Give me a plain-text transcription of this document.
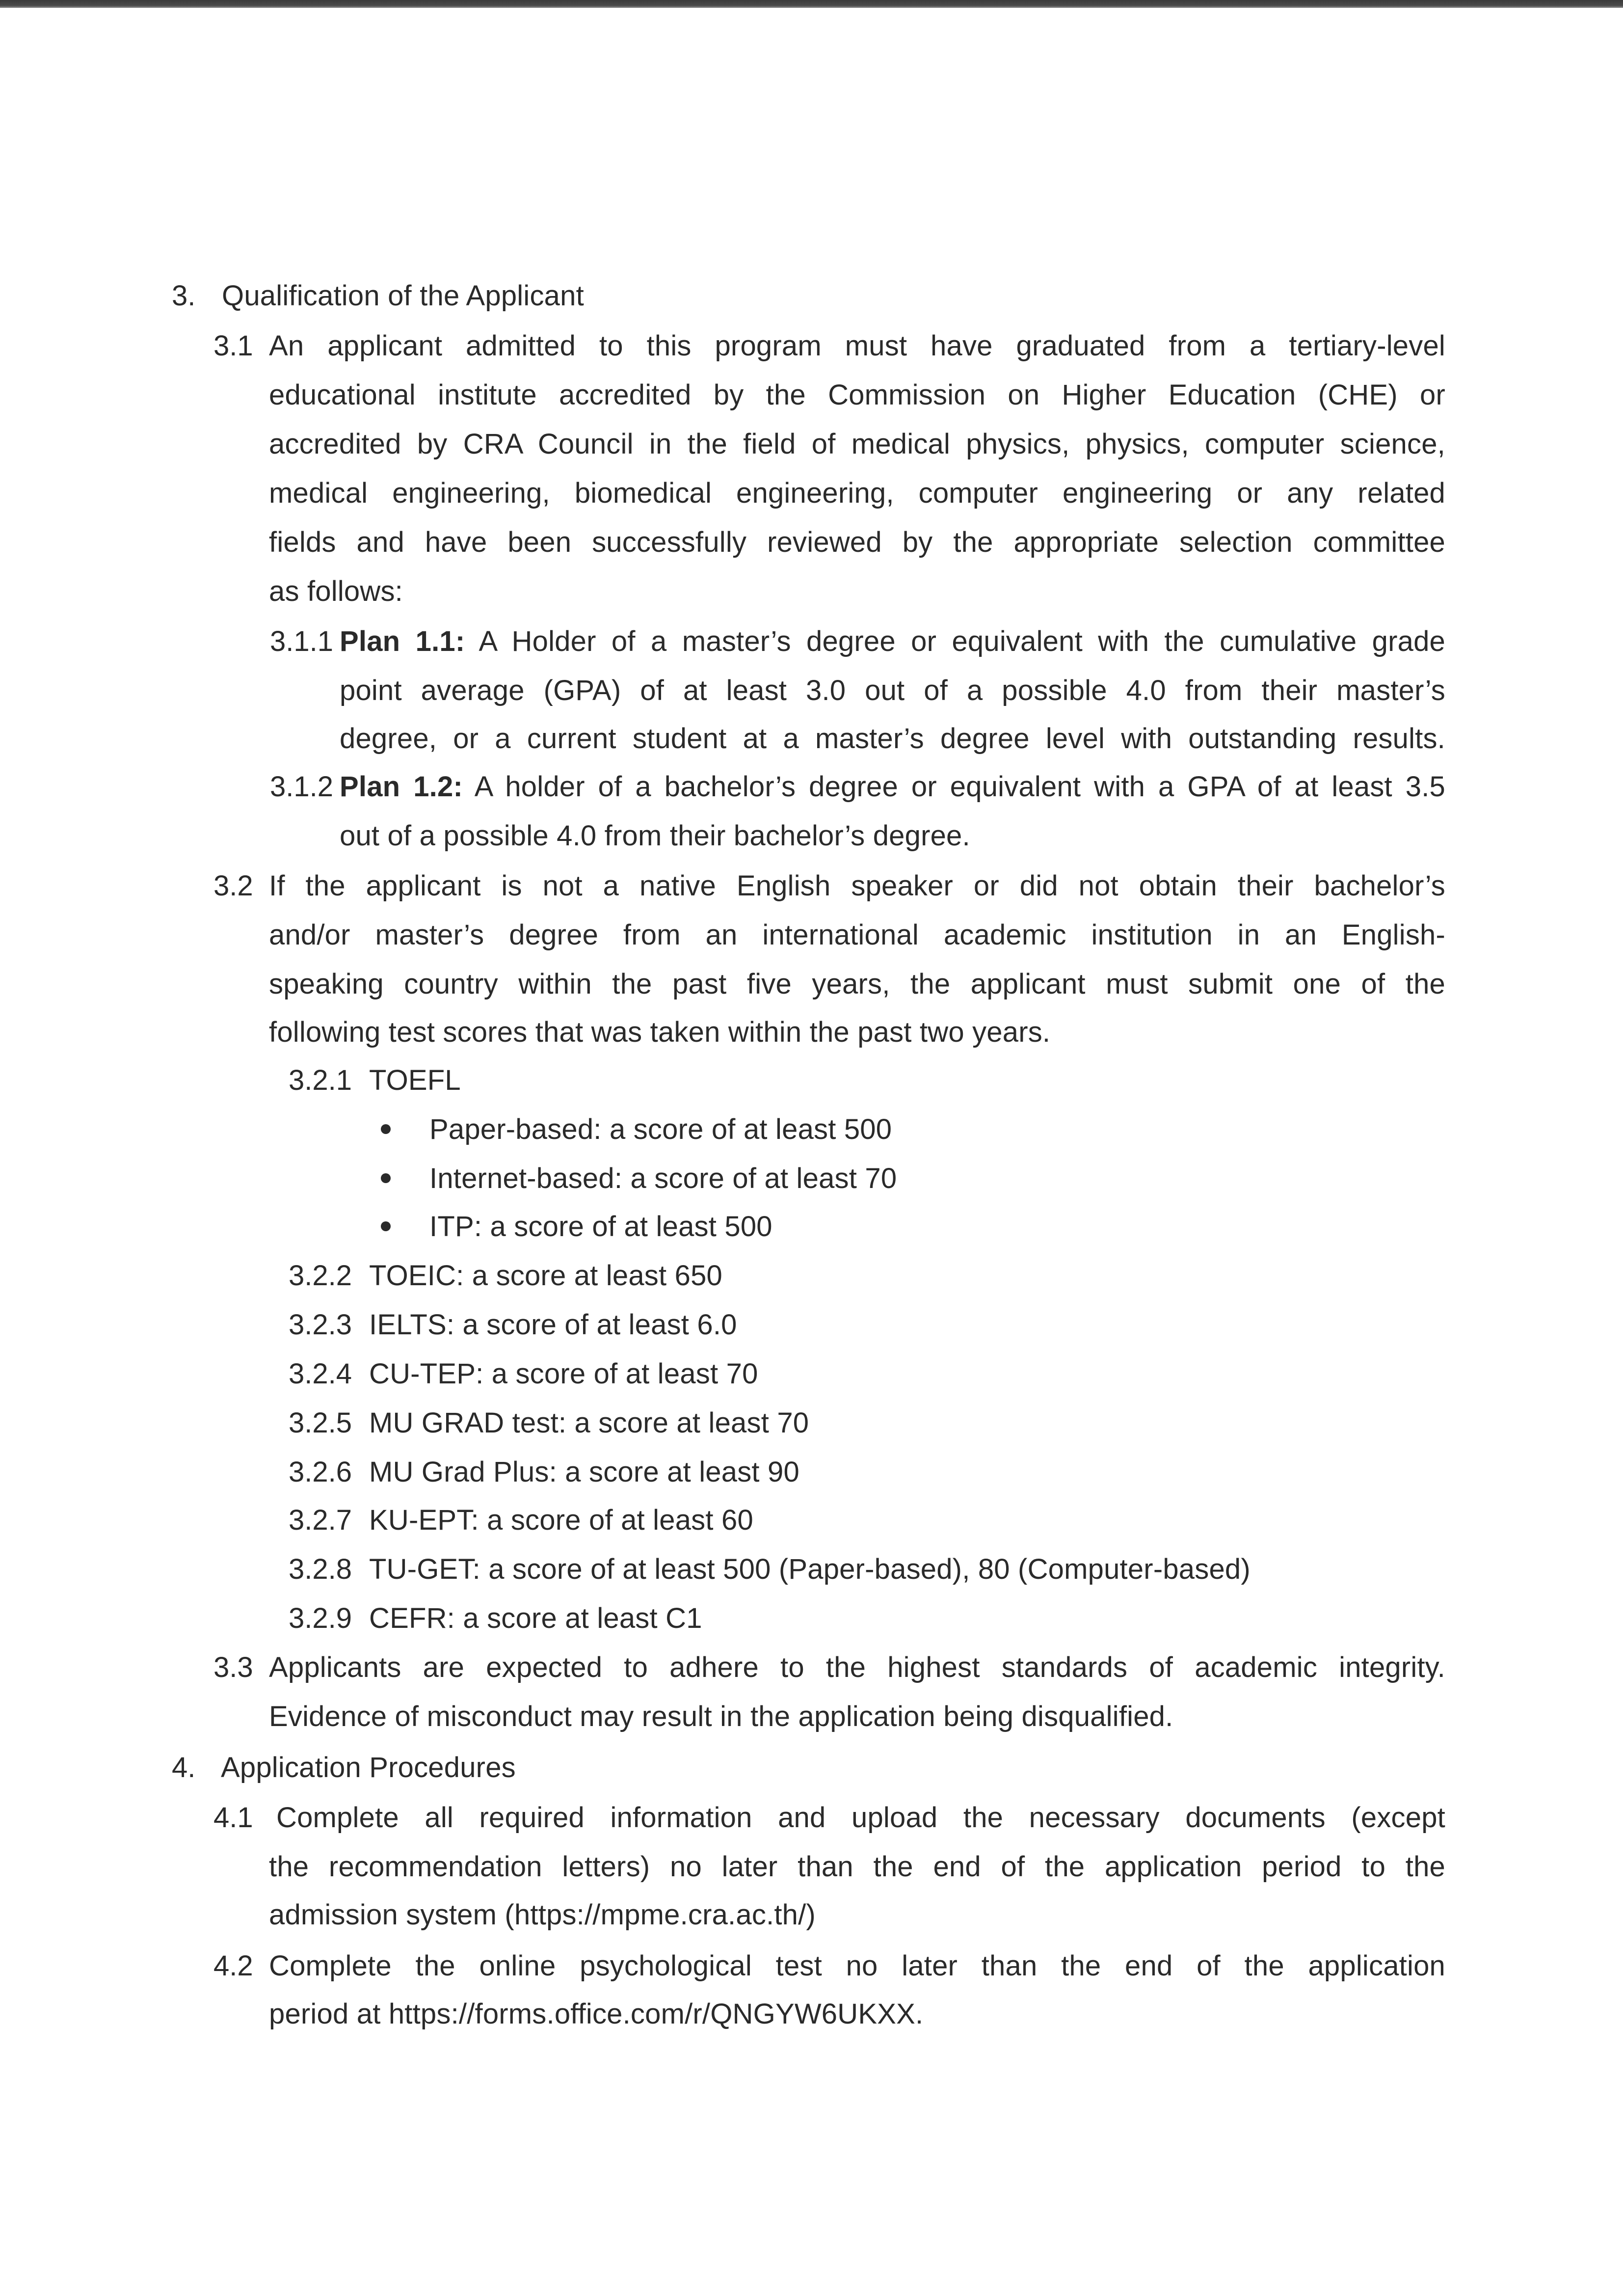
3. Qualification of the Applicant
3.1 An applicant admitted to this program must have graduated from a tertiary-level
educational institute accredited by the Commission on Higher Education (CHE) or
accredited by CRA Council in the field of medical physics, physics, computer science,
medical engineering, biomedical engineering, computer engineering or any related
fields and have been successfully reviewed by the appropriate selection committee
as follows:
3.1.1 Plan 1.1: A Holder of a master’s degree or equivalent with the cumulative grade
point average (GPA) of at least 3.0 out of a possible 4.0 from their master’s
degree, or a current student at a master’s degree level with outstanding results.
3.1.2 Plan 1.2: A holder of a bachelor’s degree or equivalent with a GPA of at least 3.5
out of a possible 4.0 from their bachelor’s degree.
3.2 If the applicant is not a native English speaker or did not obtain their bachelor’s
and/or master’s degree from an international academic institution in an English-
speaking country within the past five years, the applicant must submit one of the
following test scores that was taken within the past two years.
3.2.1 TOEFL
Paper-based: a score of at least 500
Internet-based: a score of at least 70
ITP: a score of at least 500
3.2.2 TOEIC: a score at least 650
3.2.3 IELTS: a score of at least 6.0
3.2.4 CU-TEP: a score of at least 70
3.2.5 MU GRAD test: a score at least 70
3.2.6 MU Grad Plus: a score at least 90
3.2.7 KU-EPT: a score of at least 60
3.2.8 TU-GET: a score of at least 500 (Paper-based), 80 (Computer-based)
3.2.9 CEFR: a score at least C1
3.3 Applicants are expected to adhere to the highest standards of academic integrity.
Evidence of misconduct may result in the application being disqualified.
4. Application Procedures
4.1 Complete all required information and upload the necessary documents (except
the recommendation letters) no later than the end of the application period to the
admission system (https://mpme.cra.ac.th/)
4.2 Complete the online psychological test no later than the end of the application
period at https://forms.office.com/r/QNGYW6UKXX.
